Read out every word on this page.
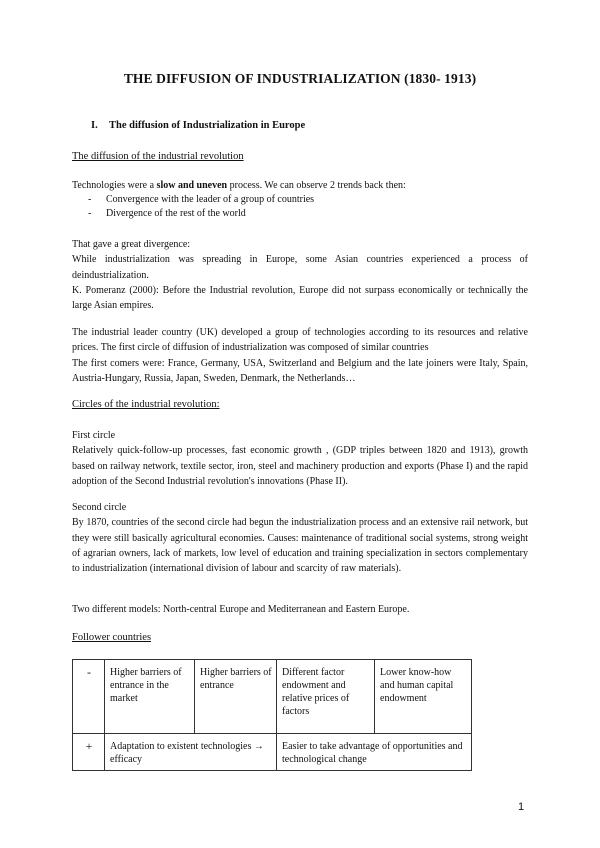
THE DIFFUSION OF INDUSTRIALIZATION (1830- 1913)
I. The diffusion of Industrialization in Europe
The diffusion of the industrial revolution
Technologies were a slow and uneven process. We can observe 2 trends back then:
-	Convergence with the leader of a group of countries
-	Divergence of the rest of the world

That gave a great divergence:

While industrialization was spreading in Europe, some Asian countries experienced a process of deindustrialization.

K. Pomeranz (2000): Before the Industrial revolution, Europe did not surpass economically or technically the large Asian empires.

The industrial leader country (UK) developed a group of technologies according to its resources and relative prices. The first circle of diffusion of industrialization was composed of similar countries

The first comers were: France, Germany, USA, Switzerland and Belgium and the late joiners were Italy, Spain, Austria-Hungary, Russia, Japan, Sweden, Denmark, the Netherlands…

Circles of the industrial revolution:

First circle

Relatively quick-follow-up processes, fast economic growth , (GDP triples between 1820 and 1913), growth based on railway network, textile sector, iron, steel and machinery production and exports (Phase I) and the rapid adoption of the Second Industrial revolution's innovations (Phase II).

Second circle

By 1870, countries of the second circle had begun the industrialization process and an extensive rail network, but they were still basically agricultural economies. Causes: maintenance of traditional social systems, strong weight of agrarian owners, lack of markets, low level of education and training specialization in sectors complementary to industrialization (international division of labour and scarcity of raw materials).

Two different models: North-central Europe and Mediterranean and Eastern Europe.
Follower countries
-	Higher barriers of entrance in the market	Higher barriers of entrance	Different factor endowment and relative prices of factors	Lower know-how and human capital endowment
+	Adaptation to existent technologies → efficacy		Easier to take advantage of opportunities and technological change	
1
